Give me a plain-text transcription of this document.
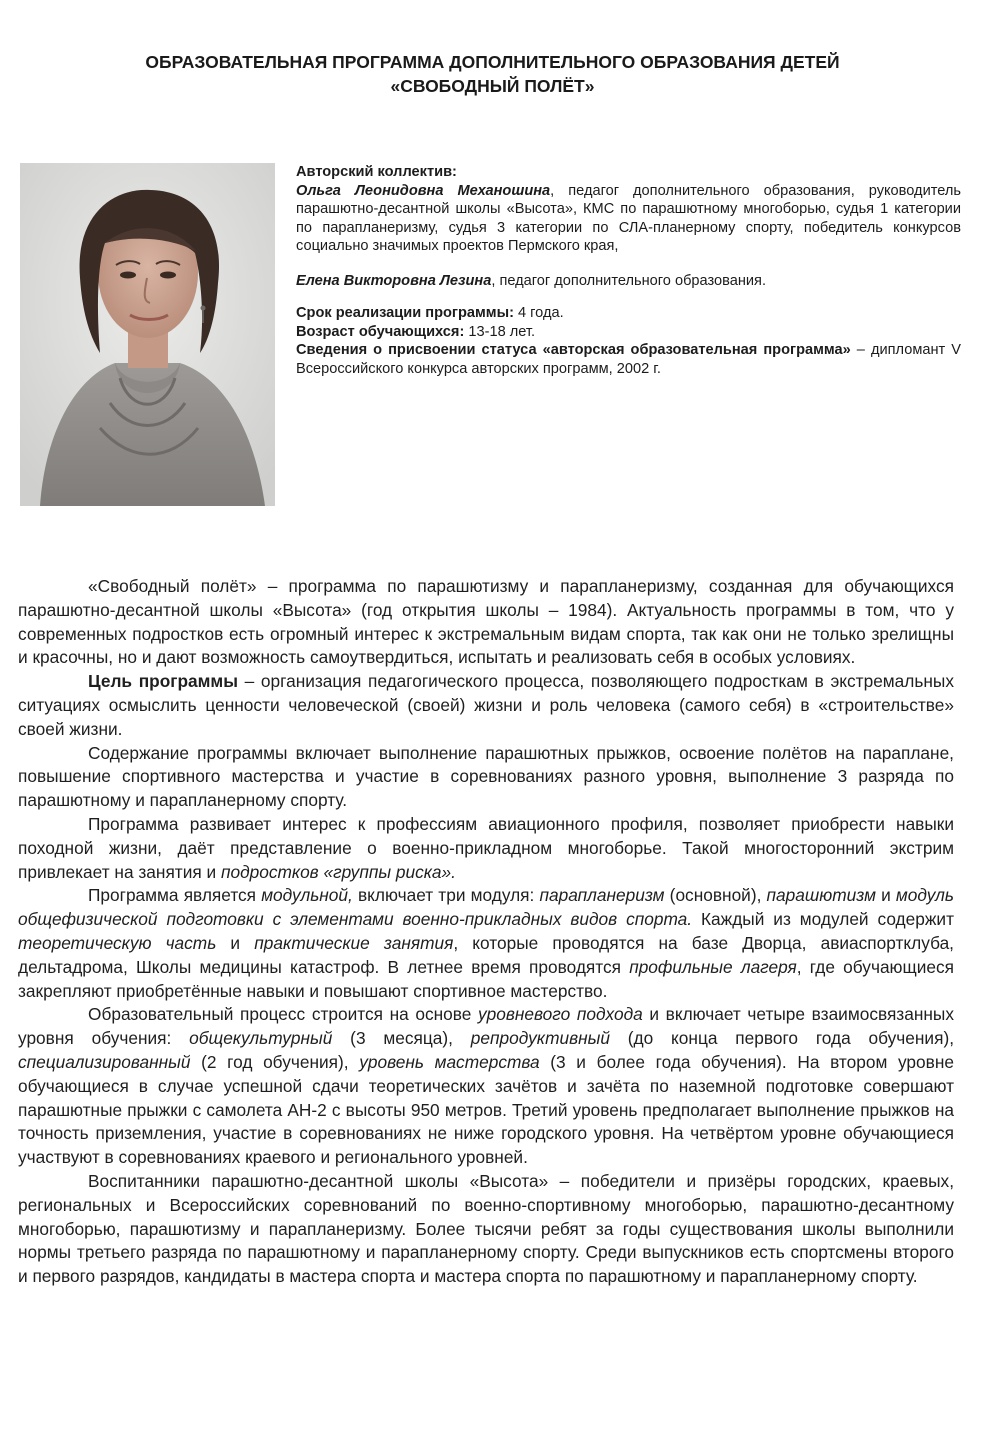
ОБРАЗОВАТЕЛЬНАЯ ПРОГРАММА ДОПОЛНИТЕЛЬНОГО ОБРАЗОВАНИЯ ДЕТЕЙ
«СВОБОДНЫЙ ПОЛЁТ»

Авторский коллектив:

Ольга Леонидовна Механошина, педагог дополнительного образования, руководитель парашютно-десантной школы «Высота», КМС по парашютному многоборью, судья 1 категории по парапланеризму, судья 3 категории по СЛА-планерному спорту, победитель конкурсов социально значимых проектов Пермского края,

Елена Викторовна Лезина, педагог дополнительного образования.

Срок реализации программы: 4 года.

Возраст обучающихся: 13-18 лет.

Сведения о присвоении статуса «авторская образовательная программа» – дипломант V Всероссийского конкурса авторских программ, 2002 г.

«Свободный полёт» – программа по парашютизму и парапланеризму, созданная для обучающихся парашютно-десантной школы «Высота» (год открытия школы – 1984). Актуальность программы в том, что у современных подростков есть огромный интерес к экстремальным видам спорта, так как они не только зрелищны и красочны, но и дают возможность самоутвердиться, испытать и реализовать себя в особых условиях.

Цель программы – организация педагогического процесса, позволяющего подросткам в экстремальных ситуациях осмыслить ценности человеческой (своей) жизни и роль человека (самого себя) в «строительстве» своей жизни.

Содержание программы включает выполнение парашютных прыжков, освоение полётов на параплане, повышение спортивного мастерства и участие в соревнованиях разного уровня, выполнение 3 разряда по парашютному и парапланерному спорту.

Программа развивает интерес к профессиям авиационного профиля, позволяет приобрести навыки походной жизни, даёт представление о военно-прикладном многоборье. Такой многосторонний экстрим привлекает на занятия и подростков «группы риска».

Программа является модульной, включает три модуля: парапланеризм (основной), парашютизм и модуль общефизической подготовки с элементами военно-прикладных видов спорта. Каждый из модулей содержит теоретическую часть и практические занятия, которые проводятся на базе Дворца, авиаспортклуба, дельтадрома, Школы медицины катастроф. В летнее время проводятся профильные лагеря, где обучающиеся закрепляют приобретённые навыки и повышают спортивное мастерство.

Образовательный процесс строится на основе уровневого подхода и включает четыре взаимосвязанных уровня обучения: общекультурный (3 месяца), репродуктивный (до конца первого года обучения), специализированный (2 год обучения), уровень мастерства (3 и более года обучения). На втором уровне обучающиеся в случае успешной сдачи теоретических зачётов и зачёта по наземной подготовке совершают парашютные прыжки с самолета АН-2 с высоты 950 метров. Третий уровень предполагает выполнение прыжков на точность приземления, участие в соревнованиях не ниже городского уровня. На четвёртом уровне обучающиеся участвуют в соревнованиях краевого и регионального уровней.

Воспитанники парашютно-десантной школы «Высота» – победители и призёры городских, краевых, региональных и Всероссийских соревнований по военно-спортивному многоборью, парашютно-десантному многоборью, парашютизму и парапланеризму. Более тысячи ребят за годы существования школы выполнили нормы третьего разряда по парашютному и парапланерному спорту. Среди выпускников есть спортсмены второго и первого разрядов, кандидаты в мастера спорта и мастера спорта по парашютному и парапланерному спорту.
